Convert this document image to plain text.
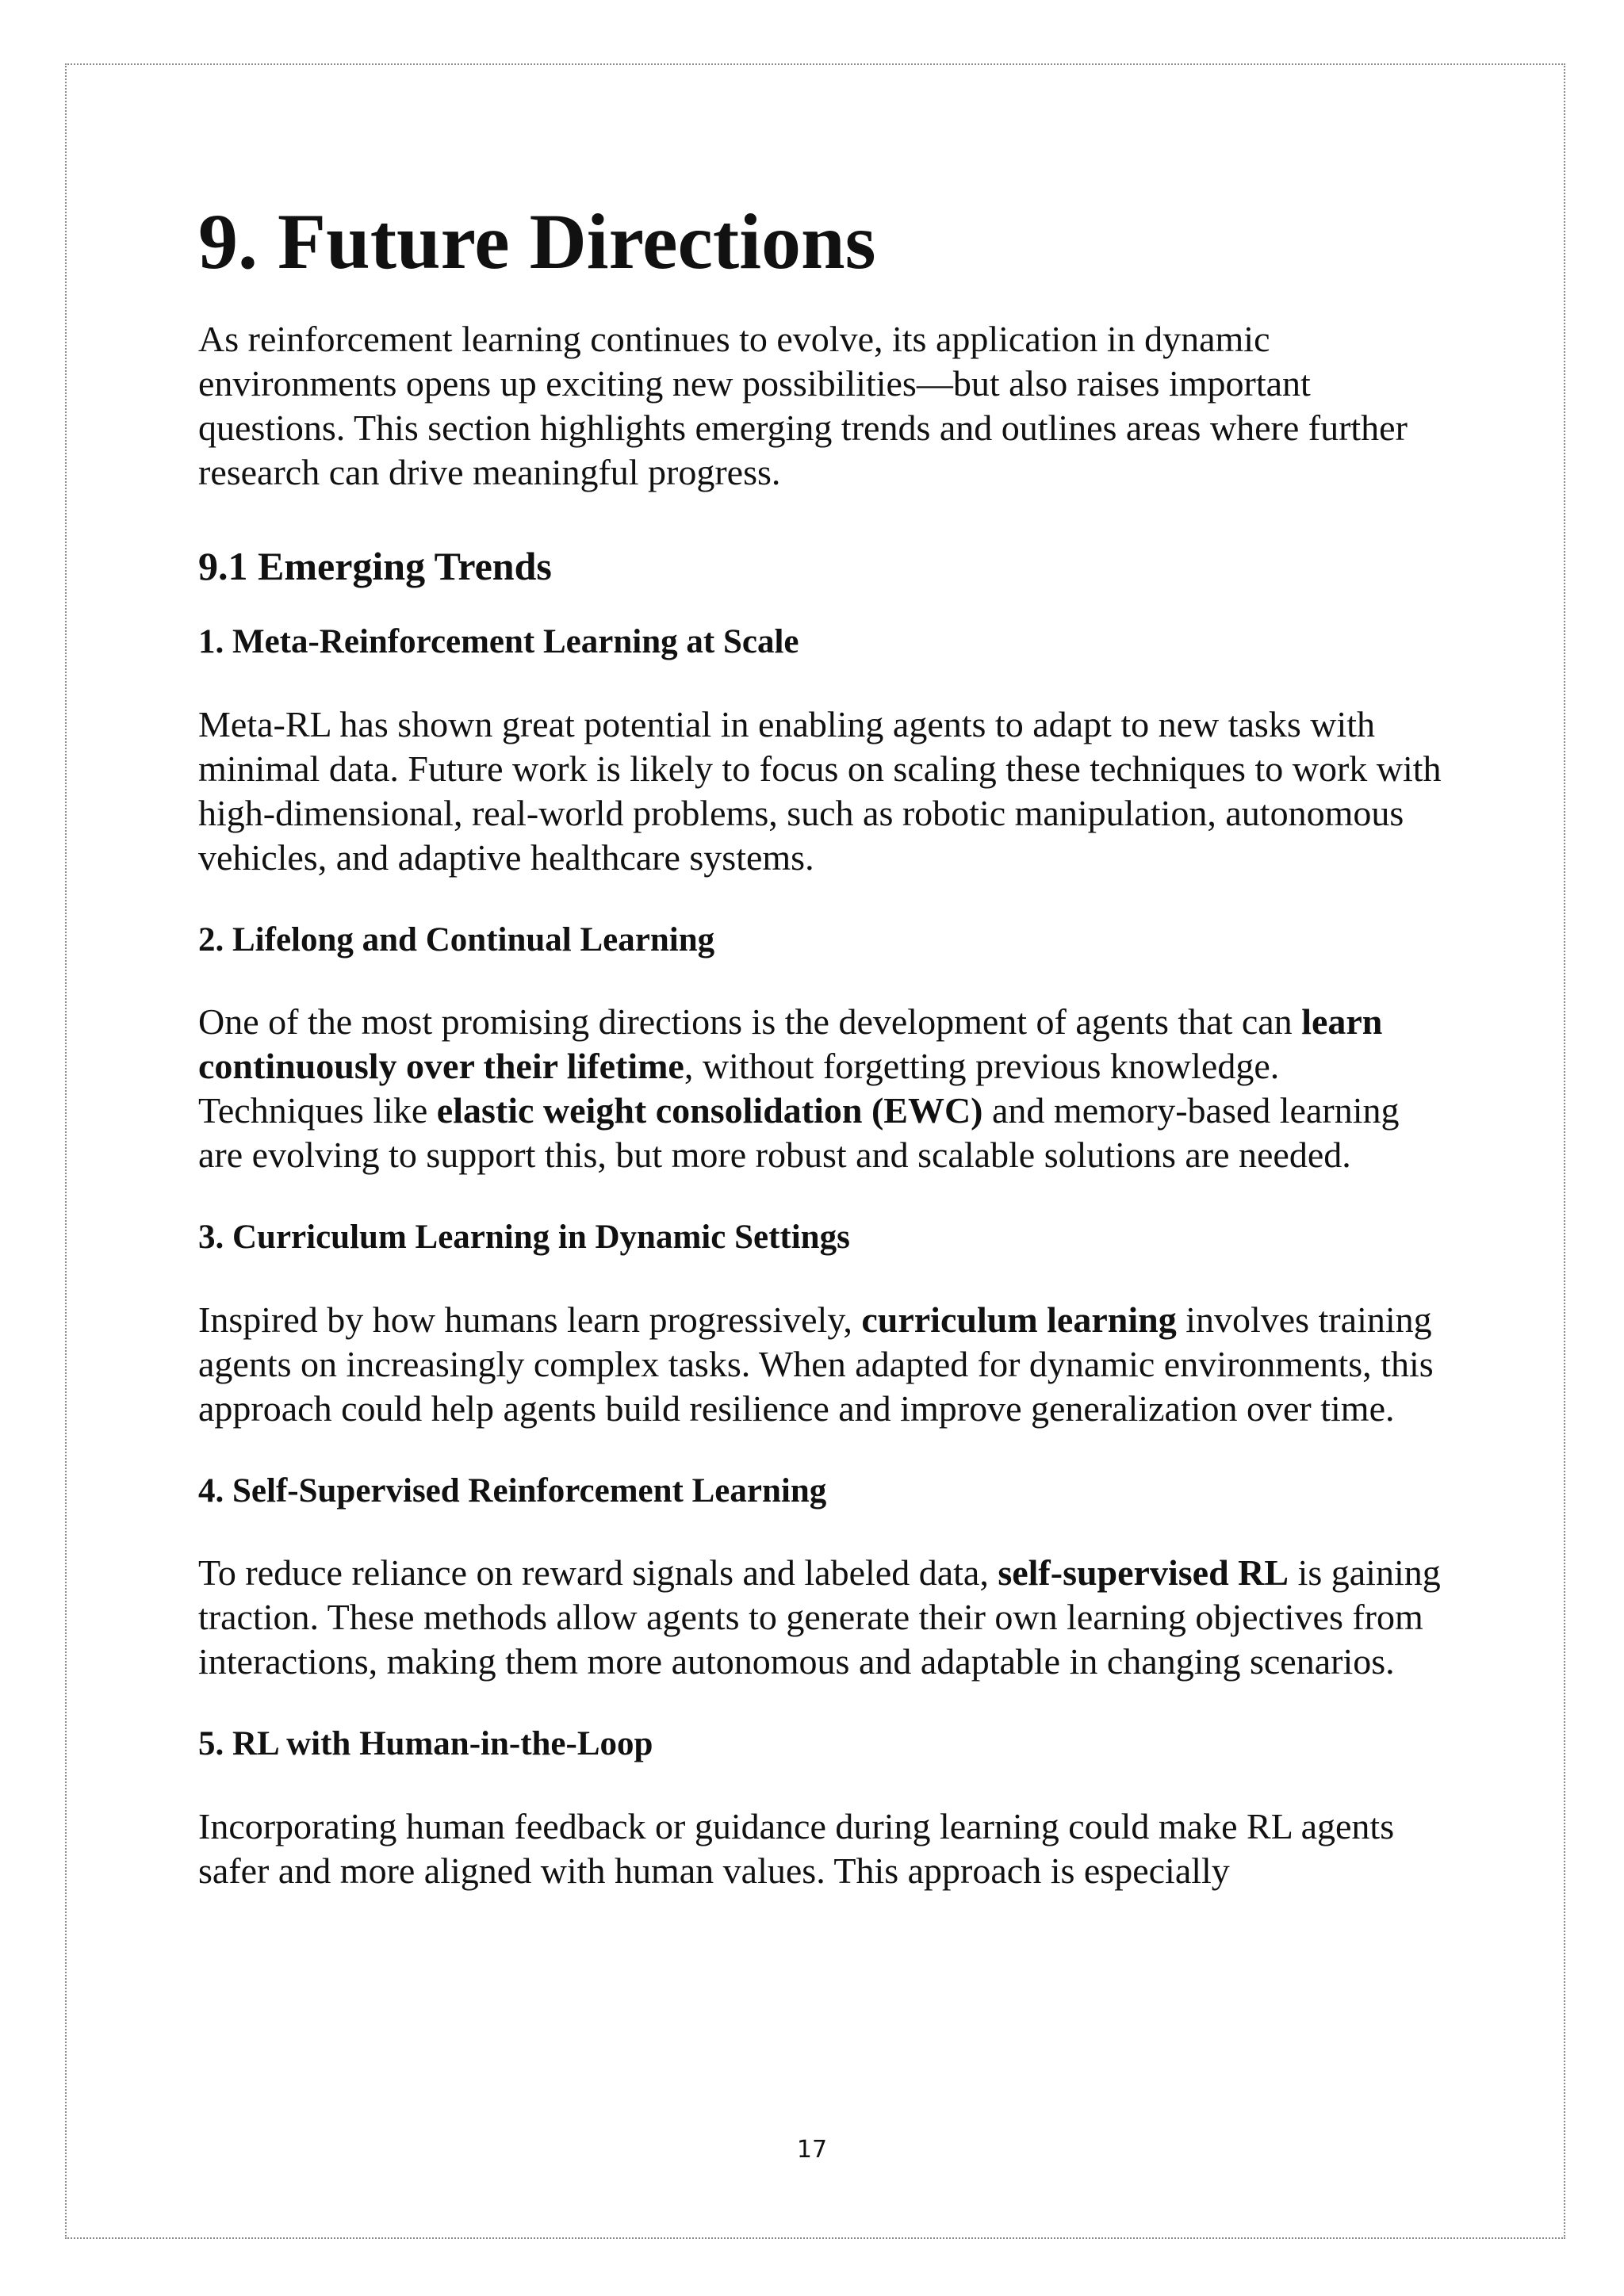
9. Future Directions

As reinforcement learning continues to evolve, its application in dynamic environments opens up exciting new possibilities—but also raises important questions. This section highlights emerging trends and outlines areas where further research can drive meaningful progress.

9.1 Emerging Trends
1. Meta-Reinforcement Learning at Scale

Meta-RL has shown great potential in enabling agents to adapt to new tasks with minimal data. Future work is likely to focus on scaling these techniques to work with high-dimensional, real-world problems, such as robotic manipulation, autonomous vehicles, and adaptive healthcare systems.

2. Lifelong and Continual Learning

One of the most promising directions is the development of agents that can learn continuously over their lifetime, without forgetting previous knowledge. Techniques like elastic weight consolidation (EWC) and memory-based learning are evolving to support this, but more robust and scalable solutions are needed.

3. Curriculum Learning in Dynamic Settings

Inspired by how humans learn progressively, curriculum learning involves training agents on increasingly complex tasks. When adapted for dynamic environments, this approach could help agents build resilience and improve generalization over time.

4. Self-Supervised Reinforcement Learning

To reduce reliance on reward signals and labeled data, self-supervised RL is gaining traction. These methods allow agents to generate their own learning objectives from interactions, making them more autonomous and adaptable in changing scenarios.

5. RL with Human-in-the-Loop

Incorporating human feedback or guidance during learning could make RL agents safer and more aligned with human values. This approach is especially

17
